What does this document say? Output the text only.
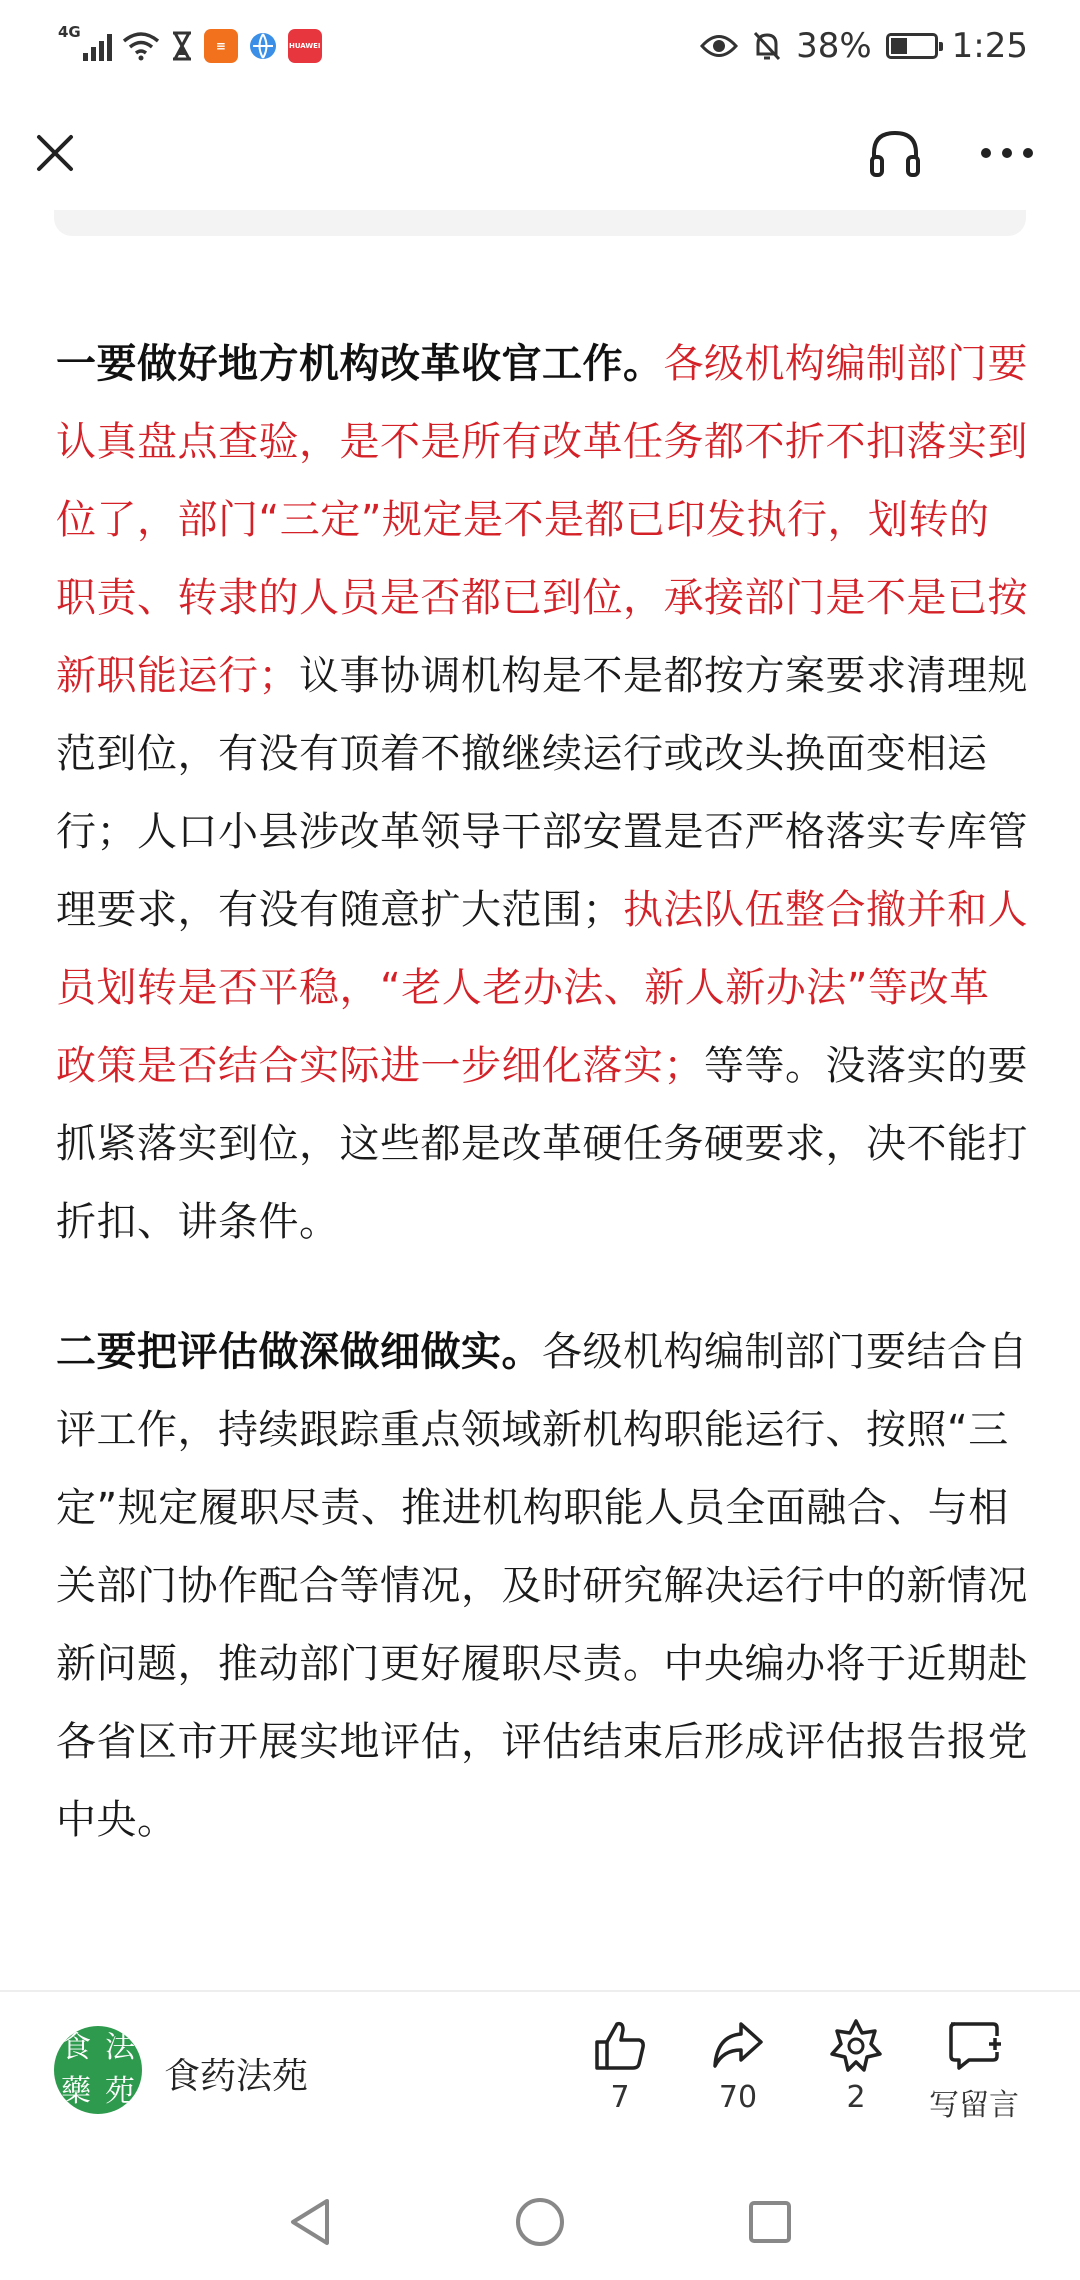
4G
≡	HUAWEI	38% 1:25

一要做好地方机构改革收官工作。各级机构编制部门要认真盘点查验，是不是所有改革任务都不折不扣落实到位了，部门“三定”规定是不是都已印发执行，划转的职责、转隶的人员是否都已到位，承接部门是不是已按新职能运行；议事协调机构是不是都按方案要求清理规范到位，有没有顶着不撤继续运行或改头换面变相运行；人口小县涉改革领导干部安置是否严格落实专库管理要求，有没有随意扩大范围；执法队伍整合撤并和人员划转是否平稳，“老人老办法、新人新办法”等改革政策是否结合实际进一步细化落实；等等。没落实的要抓紧落实到位，这些都是改革硬任务硬要求，决不能打折扣、讲条件。

二要把评估做深做细做实。各级机构编制部门要结合自评工作，持续跟踪重点领域新机构职能运行、按照“三定”规定履职尽责、推进机构职能人员全面融合、与相关部门协作配合等情况，及时研究解决运行中的新情况新问题，推动部门更好履职尽责。中央编办将于近期赴各省区市开展实地评估，评估结束后形成评估报告报党中央。

食 法
藥 苑 食药法苑
7	70	2 写留言
